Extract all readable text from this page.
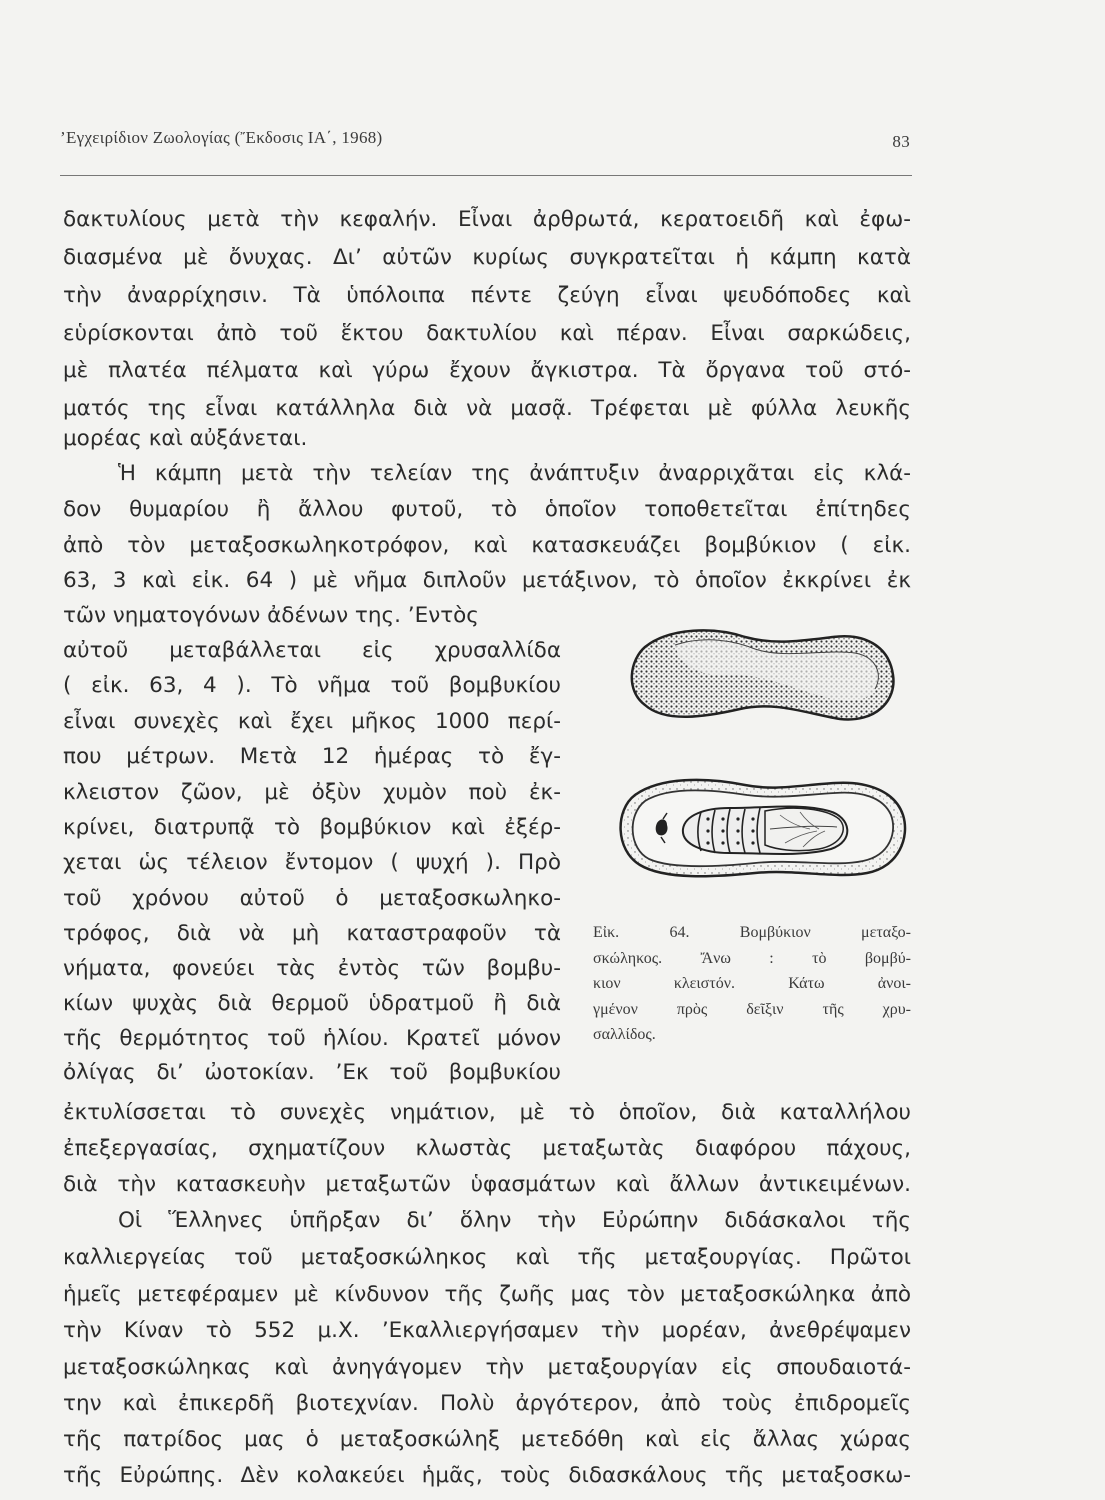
’Εγχειρίδιον Ζωολογίας (Ἔκδοσις ΙΑ΄, 1968)	83
δακτυλίους μετὰ τὴν κεφαλήν. Εἶναι ἀρθρωτά, κερατοειδῆ καὶ ἐφω-
διασμένα μὲ ὄνυχας. Δι’ αὐτῶν κυρίως συγκρατεῖται ἡ κάμπη κατὰ
τὴν ἀναρρίχησιν. Τὰ ὑπόλοιπα πέντε ζεύγη εἶναι ψευδόποδες καὶ
εὑρίσκονται ἀπὸ τοῦ ἕκτου δακτυλίου καὶ πέραν. Εἶναι σαρκώδεις,
μὲ πλατέα πέλματα καὶ γύρω ἔχουν ἄγκιστρα. Τὰ ὄργανα τοῦ στό-
ματός της εἶναι κατάλληλα διὰ νὰ μασᾷ. Τρέφεται μὲ φύλλα λευκῆς
μορέας καὶ αὐξάνεται.
Ἡ κάμπη μετὰ τὴν τελείαν της ἀνάπτυξιν ἀναρριχᾶται εἰς κλά-
δον θυμαρίου ἢ ἄλλου φυτοῦ, τὸ ὁποῖον τοποθετεῖται ἐπίτηδες
ἀπὸ τὸν μεταξοσκωληκοτρόφον, καὶ κατασκευάζει βομβύκιον ( εἰκ.
63, 3 καὶ εἰκ. 64 ) μὲ νῆμα διπλοῦν μετάξινον, τὸ ὁποῖον ἐκκρίνει ἐκ
τῶν νηματογόνων ἀδένων της. ’Εντὸς
αὐτοῦ μεταβάλλεται εἰς χρυσαλλίδα
( εἰκ. 63, 4 ). Τὸ νῆμα τοῦ βομβυκίου
εἶναι συνεχὲς καὶ ἔχει μῆκος 1000 περί-
που μέτρων. Μετὰ 12 ἡμέρας τὸ ἔγ-
κλειστον ζῶον, μὲ ὀξὺν χυμὸν ποὺ ἐκ-
κρίνει, διατρυπᾷ τὸ βομβύκιον καὶ ἐξέρ-
χεται ὡς τέλειον ἔντομον ( ψυχή ). Πρὸ
τοῦ χρόνου αὐτοῦ ὁ μεταξοσκωληκο-
τρόφος, διὰ νὰ μὴ καταστραφοῦν τὰ
νήματα, φονεύει τὰς ἐντὸς τῶν βομβυ-
κίων ψυχὰς διὰ θερμοῦ ὑδρατμοῦ ἢ διὰ
τῆς θερμότητος τοῦ ἡλίου. Κρατεῖ μόνον
ὀλίγας δι’ ὠοτοκίαν. ’Εκ τοῦ βομβυκίου
ἐκτυλίσσεται τὸ συνεχὲς νημάτιον, μὲ τὸ ὁποῖον, διὰ καταλλήλου
ἐπεξεργασίας, σχηματίζουν κλωστὰς μεταξωτὰς διαφόρου πάχους,
διὰ τὴν κατασκευὴν μεταξωτῶν ὑφασμάτων καὶ ἄλλων ἀντικειμένων.
Οἱ Ἕλληνες ὑπῆρξαν δι’ ὅλην τὴν Εὐρώπην διδάσκαλοι τῆς
καλλιεργείας τοῦ μεταξοσκώληκος καὶ τῆς μεταξουργίας. Πρῶτοι
ἡμεῖς μετεφέραμεν μὲ κίνδυνον τῆς ζωῆς μας τὸν μεταξοσκώληκα ἀπὸ
τὴν Κίναν τὸ 552 μ.Χ. ’Εκαλλιεργήσαμεν τὴν μορέαν, ἀνεθρέψαμεν
μεταξοσκώληκας καὶ ἀνηγάγομεν τὴν μεταξουργίαν εἰς σπουδαιοτά-
την καὶ ἐπικερδῆ βιοτεχνίαν. Πολὺ ἀργότερον, ἀπὸ τοὺς ἐπιδρομεῖς
τῆς πατρίδος μας ὁ μεταξοσκώληξ μετεδόθη καὶ εἰς ἄλλας χώρας
τῆς Εὐρώπης. Δὲν κολακεύει ἡμᾶς, τοὺς διδασκάλους τῆς μεταξοσκω-
Εἰκ. 64. Βομβύκιον μεταξο-
σκώληκος. Ἄνω : τὸ βομβύ-
κιον κλειστόν. Κάτω ἀνοι-
γμένον πρὸς δεῖξιν τῆς χρυ-
σαλλίδος.
